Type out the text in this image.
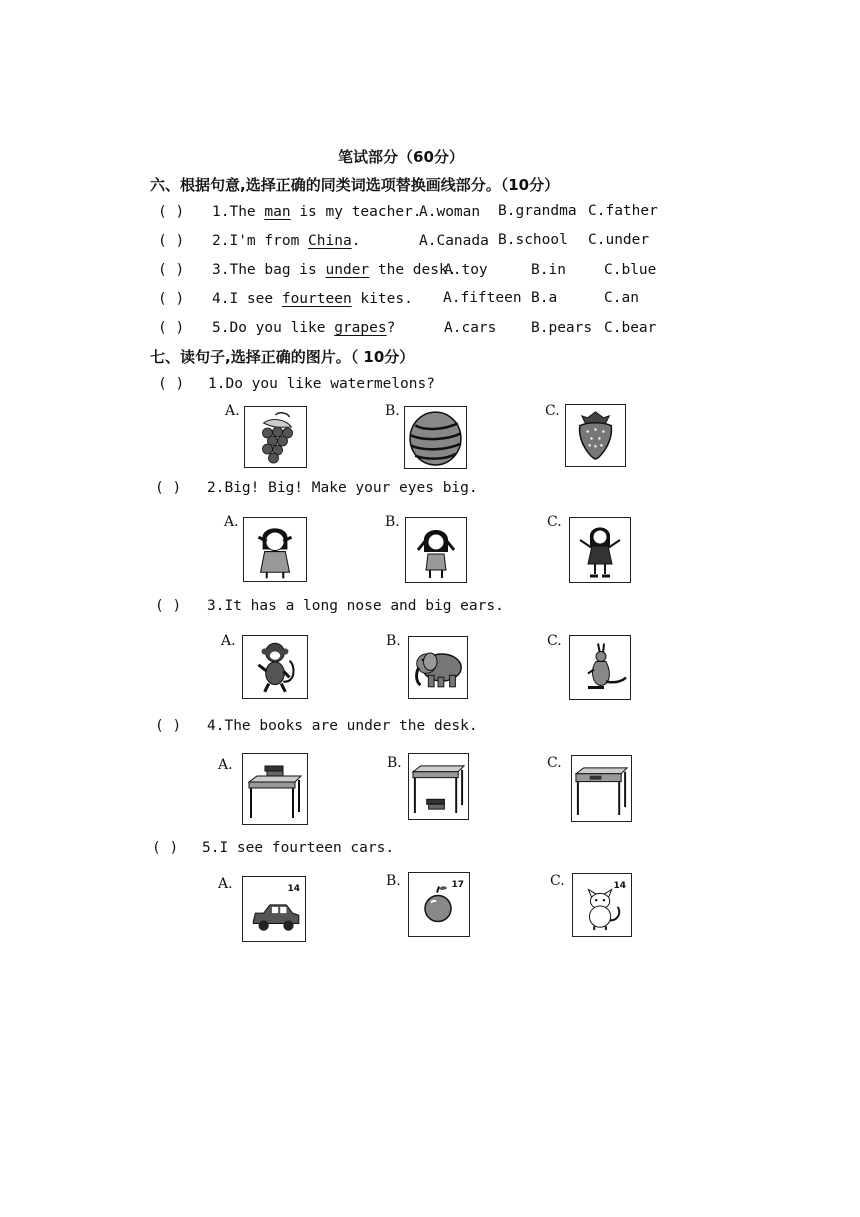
笔试部分（60分）
六、根据句意,选择正确的同类词选项替换画线部分。（10分）
( ) 1.The man is my teacher.
A.woman B.grandma C.father
( ) 2.I'm from China.	A.Canada B.school C.under
( ) 3.The bag is under the desk.
A.toy	B.in	C.blue
( ) 4.I see fourteen kites. A.fifteen B.a	C.an
( ) 5.Do you like grapes?	A.cars B.pears C.bear
七、读句子,选择正确的图片。（ 10分）
( ) 1.Do you like watermelons?
A.	B.	C.
( ) 2.Big! Big! Make your eyes big.
A.	B.	C.
( ) 3.It has a long nose and big ears.
A.	B.	C.
( ) 4.The books are under the desk.
A.	B.	C.
( ) 5.I see fourteen cars.
A.	14	B.	17	C.	14
